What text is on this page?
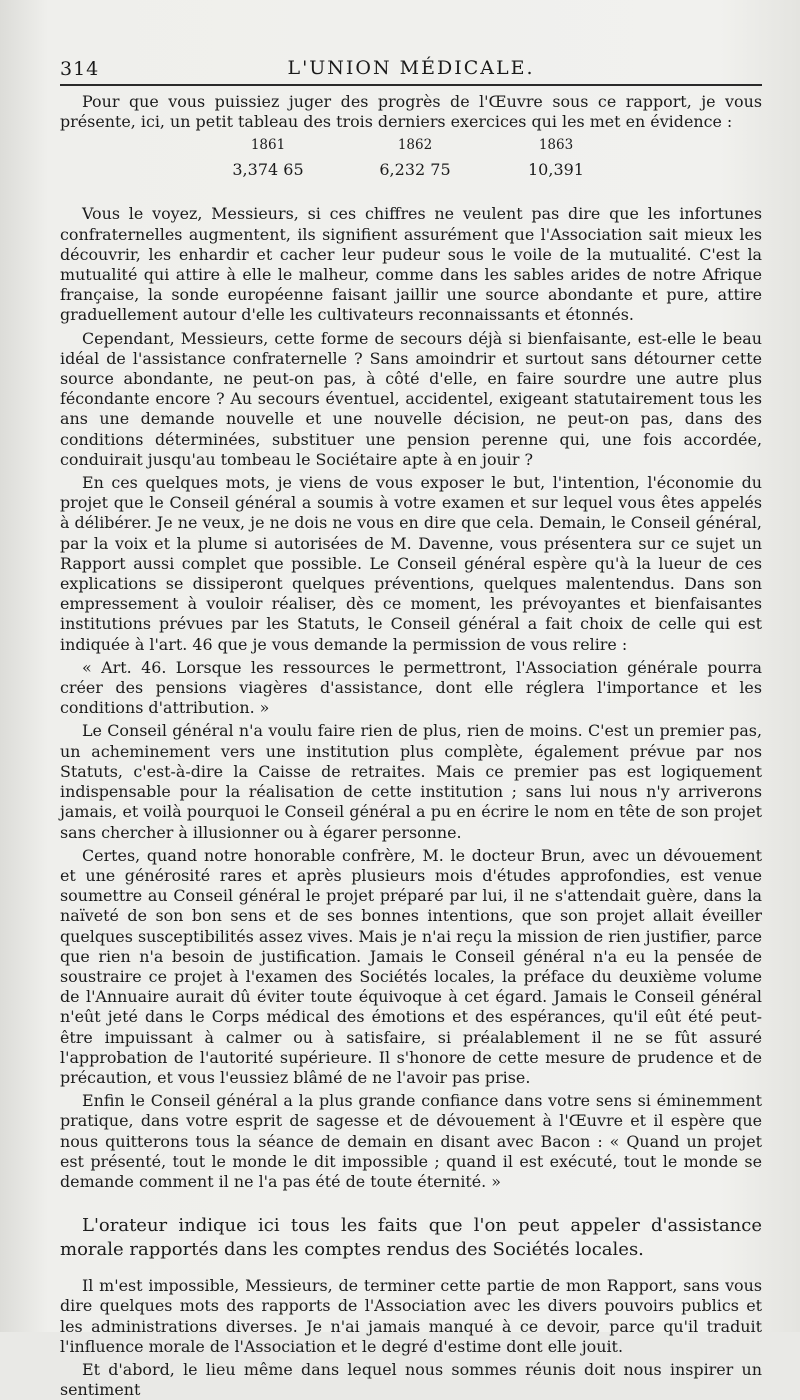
314	L'UNION MÉDICALE.

Pour que vous puissiez juger des progrès de l'Œuvre sous ce rapport, je vous présente, ici, un petit tableau des trois derniers exercices qui les met en évidence :

1861
3,374 65
1862
6,232 75
1863
10,391

Vous le voyez, Messieurs, si ces chiffres ne veulent pas dire que les infortunes confraternelles augmentent, ils signifient assurément que l'Association sait mieux les découvrir, les enhardir et cacher leur pudeur sous le voile de la mutualité. C'est la mutualité qui attire à elle le malheur, comme dans les sables arides de notre Afrique française, la sonde européenne faisant jaillir une source abondante et pure, attire graduellement autour d'elle les cultivateurs reconnaissants et étonnés.

Cependant, Messieurs, cette forme de secours déjà si bienfaisante, est-elle le beau idéal de l'assistance confraternelle ? Sans amoindrir et surtout sans détourner cette source abondante, ne peut-on pas, à côté d'elle, en faire sourdre une autre plus fécondante encore ? Au secours éventuel, accidentel, exigeant statutairement tous les ans une demande nouvelle et une nouvelle décision, ne peut-on pas, dans des conditions déterminées, substituer une pension perenne qui, une fois accordée, conduirait jusqu'au tombeau le Sociétaire apte à en jouir ?

En ces quelques mots, je viens de vous exposer le but, l'intention, l'économie du projet que le Conseil général a soumis à votre examen et sur lequel vous êtes appelés à délibérer. Je ne veux, je ne dois ne vous en dire que cela. Demain, le Conseil général, par la voix et la plume si autorisées de M. Davenne, vous présentera sur ce sujet un Rapport aussi complet que possible. Le Conseil général espère qu'à la lueur de ces explications se dissiperont quelques préventions, quelques malentendus. Dans son empressement à vouloir réaliser, dès ce moment, les prévoyantes et bienfaisantes institutions prévues par les Statuts, le Conseil général a fait choix de celle qui est indiquée à l'art. 46 que je vous demande la permission de vous relire :

« Art. 46. Lorsque les ressources le permettront, l'Association générale pourra créer des pensions viagères d'assistance, dont elle réglera l'importance et les conditions d'attribution. »

Le Conseil général n'a voulu faire rien de plus, rien de moins. C'est un premier pas, un acheminement vers une institution plus complète, également prévue par nos Statuts, c'est-à-dire la Caisse de retraites. Mais ce premier pas est logiquement indispensable pour la réalisation de cette institution ; sans lui nous n'y arriverons jamais, et voilà pourquoi le Conseil général a pu en écrire le nom en tête de son projet sans chercher à illusionner ou à égarer personne.

Certes, quand notre honorable confrère, M. le docteur Brun, avec un dévouement et une générosité rares et après plusieurs mois d'études approfondies, est venue soumettre au Conseil général le projet préparé par lui, il ne s'attendait guère, dans la naïveté de son bon sens et de ses bonnes intentions, que son projet allait éveiller quelques susceptibilités assez vives. Mais je n'ai reçu la mission de rien justifier, parce que rien n'a besoin de justification. Jamais le Conseil général n'a eu la pensée de soustraire ce projet à l'examen des Sociétés locales, la préface du deuxième volume de l'Annuaire aurait dû éviter toute équivoque à cet égard. Jamais le Conseil général n'eût jeté dans le Corps médical des émotions et des espérances, qu'il eût été peut-être impuissant à calmer ou à satisfaire, si préalablement il ne se fût assuré l'approbation de l'autorité supérieure. Il s'honore de cette mesure de prudence et de précaution, et vous l'eussiez blâmé de ne l'avoir pas prise.

Enfin le Conseil général a la plus grande confiance dans votre sens si éminemment pratique, dans votre esprit de sagesse et de dévouement à l'Œuvre et il espère que nous quitterons tous la séance de demain en disant avec Bacon : « Quand un projet est présenté, tout le monde le dit impossible ; quand il est exécuté, tout le monde se demande comment il ne l'a pas été de toute éternité. »

L'orateur indique ici tous les faits que l'on peut appeler d'assistance morale rapportés dans les comptes rendus des Sociétés locales.

Il m'est impossible, Messieurs, de terminer cette partie de mon Rapport, sans vous dire quelques mots des rapports de l'Association avec les divers pouvoirs publics et les administrations diverses. Je n'ai jamais manqué à ce devoir, parce qu'il traduit l'influence morale de l'Association et le degré d'estime dont elle jouit.

Et d'abord, le lieu même dans lequel nous sommes réunis doit nous inspirer un sentiment
